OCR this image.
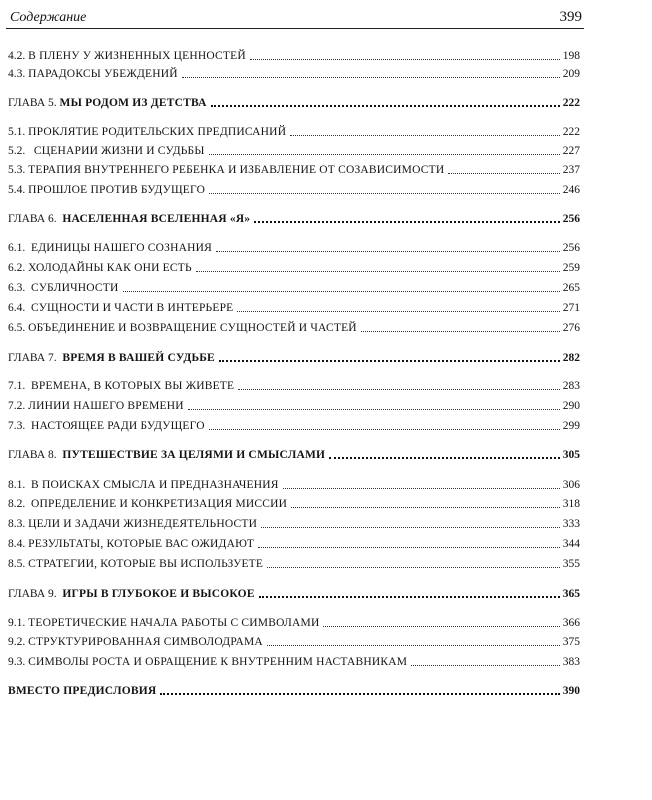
Содержание	399
4.2. В ПЛЕНУ У ЖИЗНЕННЫХ ЦЕННОСТЕЙ	198
4.3. ПАРАДОКСЫ УБЕЖДЕНИЙ	209
ГЛАВА 5. МЫ РОДОМ ИЗ ДЕТСТВА	222
5.1. ПРОКЛЯТИЕ РОДИТЕЛЬСКИХ ПРЕДПИСАНИЙ	222
5.2. СЦЕНАРИИ ЖИЗНИ И СУДЬБЫ	227
5.3. ТЕРАПИЯ ВНУТРЕННЕГО РЕБЕНКА И ИЗБАВЛЕНИЕ ОТ СОЗАВИСИМОСТИ	237
5.4. ПРОШЛОЕ ПРОТИВ БУДУЩЕГО	246
ГЛАВА 6. НАСЕЛЕННАЯ ВСЕЛЕННАЯ «Я»	256
6.1. ЕДИНИЦЫ НАШЕГО СОЗНАНИЯ	256
6.2. ХОЛОДАЙНЫ КАК ОНИ ЕСТЬ	259
6.3. СУБЛИЧНОСТИ	265
6.4. СУЩНОСТИ И ЧАСТИ В ИНТЕРЬЕРЕ	271
6.5. ОБЪЕДИНЕНИЕ И ВОЗВРАЩЕНИЕ СУЩНОСТЕЙ И ЧАСТЕЙ	276
ГЛАВА 7. ВРЕМЯ В ВАШЕЙ СУДЬБЕ	282
7.1. ВРЕМЕНА, В КОТОРЫХ ВЫ ЖИВЕТЕ	283
7.2. ЛИНИИ НАШЕГО ВРЕМЕНИ	290
7.3. НАСТОЯЩЕЕ РАДИ БУДУЩЕГО	299
ГЛАВА 8. ПУТЕШЕСТВИЕ ЗА ЦЕЛЯМИ И СМЫСЛАМИ	305
8.1. В ПОИСКАХ СМЫСЛА И ПРЕДНАЗНАЧЕНИЯ	306
8.2. ОПРЕДЕЛЕНИЕ И КОНКРЕТИЗАЦИЯ МИССИИ	318
8.3. ЦЕЛИ И ЗАДАЧИ ЖИЗНЕДЕЯТЕЛЬНОСТИ	333
8.4. РЕЗУЛЬТАТЫ, КОТОРЫЕ ВАС ОЖИДАЮТ	344
8.5. СТРАТЕГИИ, КОТОРЫЕ ВЫ ИСПОЛЬЗУЕТЕ	355
ГЛАВА 9. ИГРЫ В ГЛУБОКОЕ И ВЫСОКОЕ	365
9.1. ТЕОРЕТИЧЕСКИЕ НАЧАЛА РАБОТЫ С СИМВОЛАМИ	366
9.2. СТРУКТУРИРОВАННАЯ СИМВОЛОДРАМА	375
9.3. СИМВОЛЫ РОСТА И ОБРАЩЕНИЕ К ВНУТРЕННИМ НАСТАВНИКАМ	383
ВМЕСТО ПРЕДИСЛОВИЯ	390
